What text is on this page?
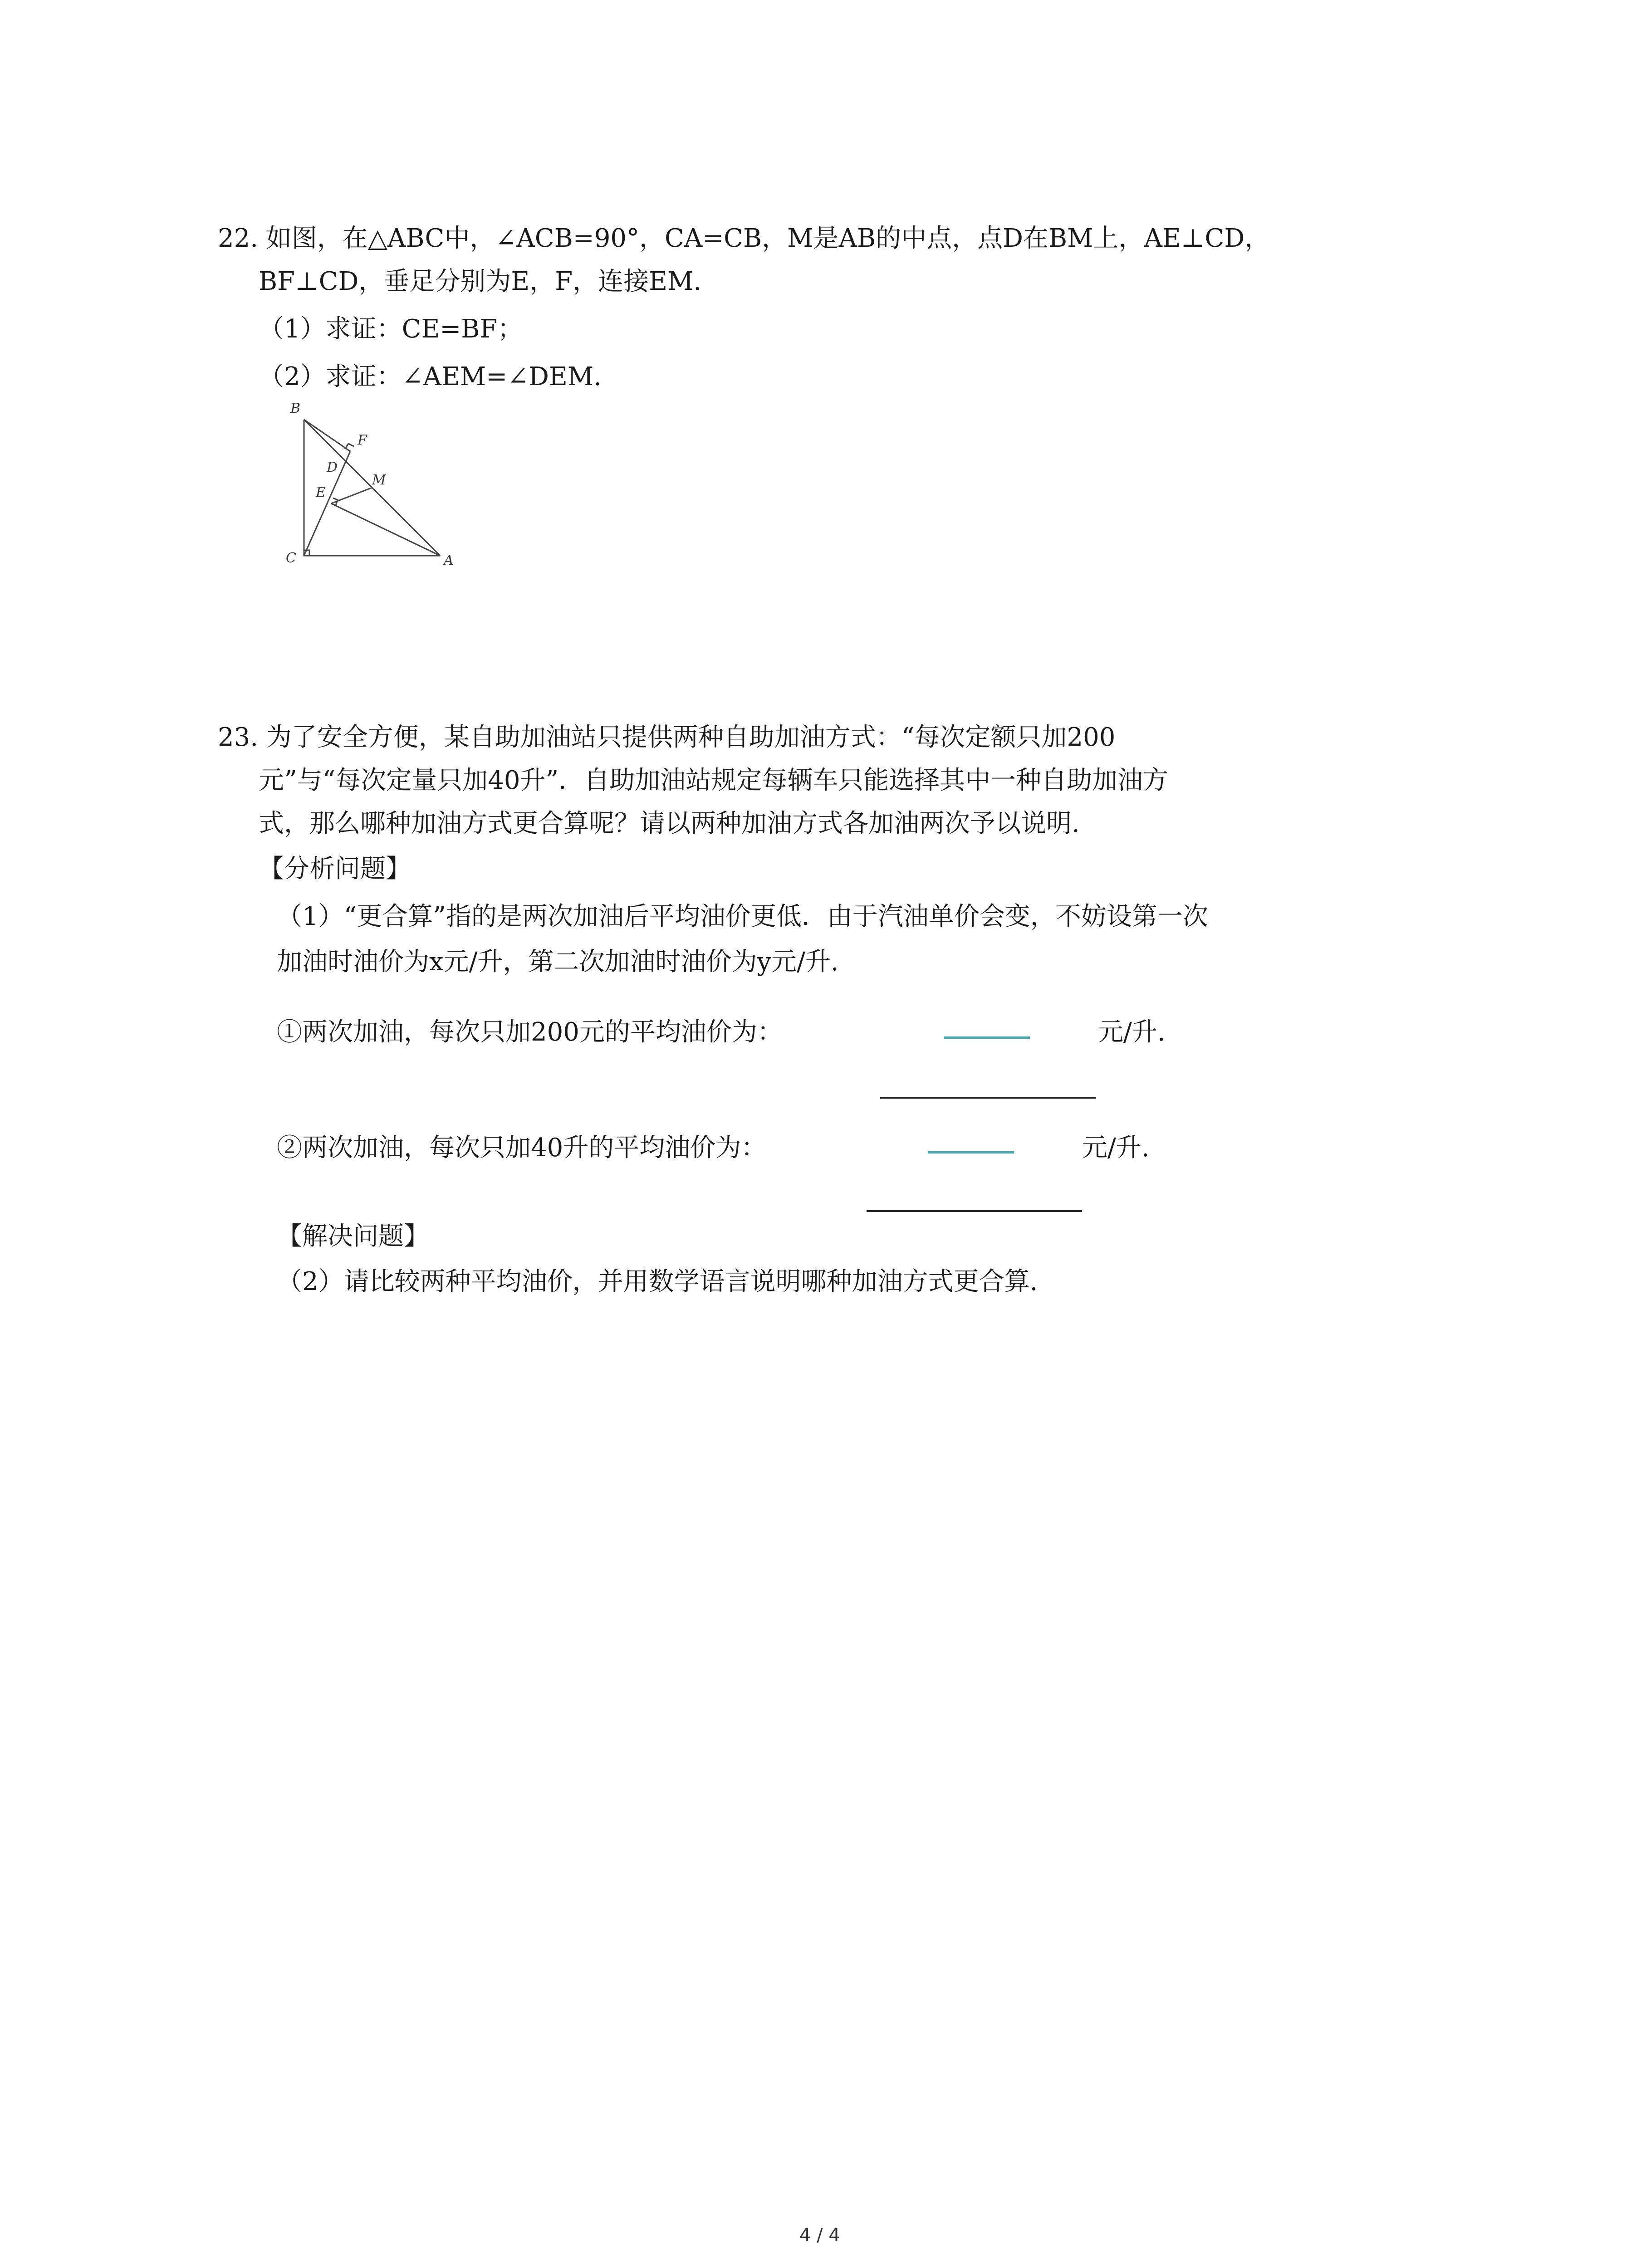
22. 如图，在△ABC中，∠ACB=90°，CA=CB，M是AB的中点，点D在BM上，AE⊥CD，
BF⊥CD，垂足分别为E，F，连接EM.
（1）求证：CE=BF；
（2）求证：∠AEM=∠DEM.
B
F
D
M
E
C	A
23. 为了安全方便，某自助加油站只提供两种自助加油方式：“每次定额只加200
元”与“每次定量只加40升”．自助加油站规定每辆车只能选择其中一种自助加油方
式，那么哪种加油方式更合算呢？请以两种加油方式各加油两次予以说明.
【分析问题】
（1）“更合算”指的是两次加油后平均油价更低．由于汽油单价会变，不妨设第一次
加油时油价为x元/升，第二次加油时油价为y元/升.
①两次加油，每次只加200元的平均油价为：	元/升.
②两次加油，每次只加40升的平均油价为：	元/升.
【解决问题】
（2）请比较两种平均油价，并用数学语言说明哪种加油方式更合算.
4 / 4
